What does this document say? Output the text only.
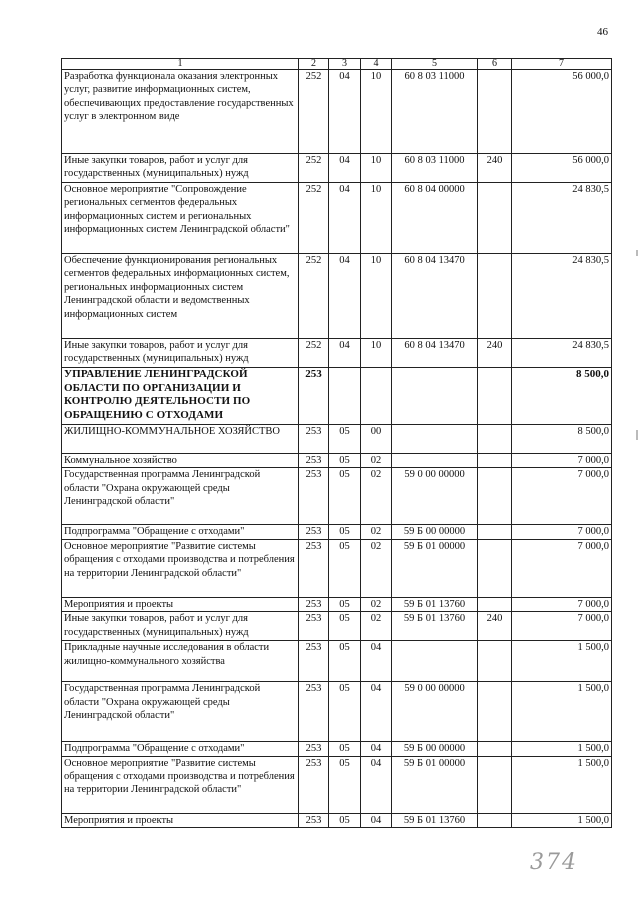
46
1	2	3	4	5	6	7
Разработка функционала оказания электронных услуг, развитие информационных систем, обеспечивающих предоставление государственных услуг в электронном виде	252	04	10	60 8 03 11000		56 000,0
Иные закупки товаров, работ и услуг для государственных (муниципальных) нужд	252	04	10	60 8 03 11000	240	56 000,0
Основное мероприятие "Сопровождение региональных сегментов федеральных информационных систем и региональных информационных систем Ленинградской области"	252	04	10	60 8 04 00000		24 830,5
Обеспечение функционирования региональных сегментов федеральных информационных систем, региональных информационных систем Ленинградской области и ведомственных информационных систем	252	04	10	60 8 04 13470		24 830,5
Иные закупки товаров, работ и услуг для государственных (муниципальных) нужд	252	04	10	60 8 04 13470	240	24 830,5
УПРАВЛЕНИЕ ЛЕНИНГРАДСКОЙ ОБЛАСТИ ПО ОРГАНИЗАЦИИ И КОНТРОЛЮ ДЕЯТЕЛЬНОСТИ ПО ОБРАЩЕНИЮ С ОТХОДАМИ	253					8 500,0
ЖИЛИЩНО-КОММУНАЛЬНОЕ ХОЗЯЙСТВО	253	05	00			8 500,0
Коммунальное хозяйство	253	05	02			7 000,0
Государственная программа Ленинградской области "Охрана окружающей среды Ленинградской области"	253	05	02	59 0 00 00000		7 000,0
Подпрограмма "Обращение с отходами"	253	05	02	59 Б 00 00000		7 000,0
Основное мероприятие "Развитие системы обращения с отходами производства и потребления на территории Ленинградской области"	253	05	02	59 Б 01 00000		7 000,0
Мероприятия и проекты	253	05	02	59 Б 01 13760		7 000,0
Иные закупки товаров, работ и услуг для государственных (муниципальных) нужд	253	05	02	59 Б 01 13760	240	7 000,0
Прикладные научные исследования в области жилищно-коммунального хозяйства	253	05	04			1 500,0
Государственная программа Ленинградской области "Охрана окружающей среды Ленинградской области"	253	05	04	59 0 00 00000		1 500,0
Подпрограмма "Обращение с отходами"	253	05	04	59 Б 00 00000		1 500,0
Основное мероприятие "Развитие системы обращения с отходами производства и потребления на территории Ленинградской области"	253	05	04	59 Б 01 00000		1 500,0
Мероприятия и проекты	253	05	04	59 Б 01 13760		1 500,0
374
